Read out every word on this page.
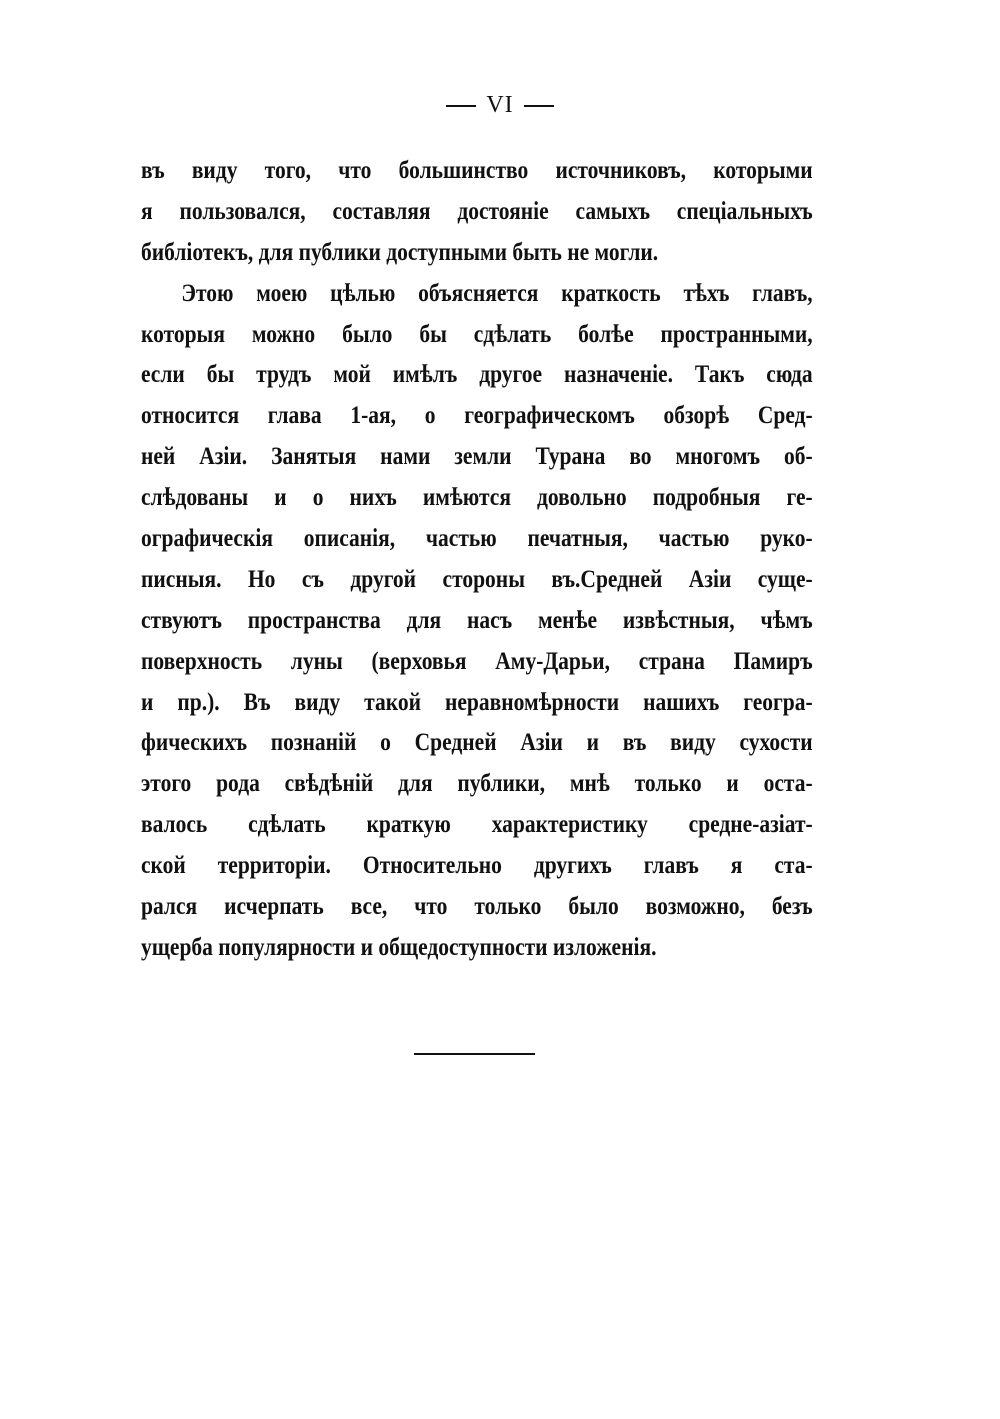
VI
въ виду того, что большинство источниковъ, которыми
я пользовался, составляя достояніе самыхъ спеціальныхъ
библіотекъ, для публики доступными быть не могли.
Этою моею цѣлью объясняется краткость тѣхъ главъ,
которыя можно было бы сдѣлать болѣе пространными,
если бы трудъ мой имѣлъ другое назначеніе. Такъ сюда
относится глава 1-ая, о географическомъ обзорѣ Сред-
ней Азіи. Занятыя нами земли Турана во многомъ об-
слѣдованы и о нихъ имѣются довольно подробныя ге-
ографическія описанія, частью печатныя, частью руко-
писныя. Но съ другой стороны въ.Средней Азіи суще-
ствуютъ пространства для насъ менѣе извѣстныя, чѣмъ
поверхность луны (верховья Аму-Дарьи, страна Памиръ
и пр.). Въ виду такой неравномѣрности нашихъ геогра-
фическихъ познаній о Средней Азіи и въ виду сухости
этого рода свѣдѣній для публики, мнѣ только и оста-
валось сдѣлать краткую характеристику средне-азіат-
ской территоріи. Относительно другихъ главъ я ста-
рался исчерпать все, что только было возможно, безъ
ущерба популярности и общедоступности изложенія.
